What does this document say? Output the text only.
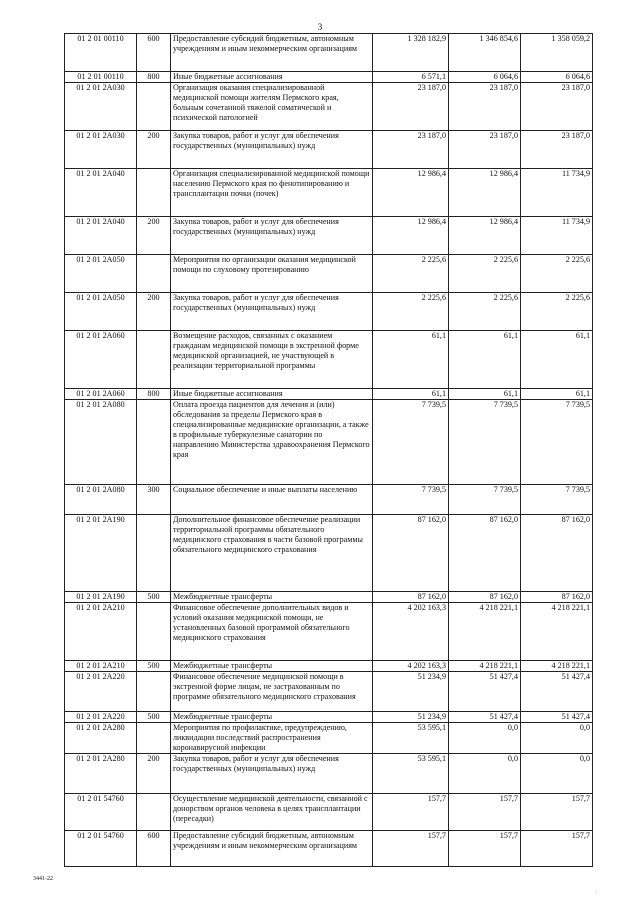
3
01 2 01 00110	600	Предоставление субсидий бюджетным, автономным учреждениям и иным некоммерческим организациям	1 328 182,9	1 346 854,6	1 358 059,2
01 2 01 00110	800	Иные бюджетные ассигнования	6 571,1	6 064,6	6 064,6
01 2 01 2А030		Организация оказания специализированной медицинской помощи жителям Пермского края, больным сочетанной тяжелой соматической и психической патологией	23 187,0	23 187,0	23 187,0
01 2 01 2А030	200	Закупка товаров, работ и услуг для обеспечения государственных (муниципальных) нужд	23 187,0	23 187,0	23 187,0
01 2 01 2А040		Организация специализированной медицинской помощи населению Пермского края по фенотипированию и трансплантации почки (почек)	12 986,4	12 986,4	11 734,9
01 2 01 2А040	200	Закупка товаров, работ и услуг для обеспечения государственных (муниципальных) нужд	12 986,4	12 986,4	11 734,9
01 2 01 2А050		Мероприятия по организации оказания медицинской помощи по слуховому протезированию	2 225,6	2 225,6	2 225,6
01 2 01 2А050	200	Закупка товаров, работ и услуг для обеспечения государственных (муниципальных) нужд	2 225,6	2 225,6	2 225,6
01 2 01 2А060		Возмещение расходов, связанных с оказанием гражданам медицинской помощи в экстренной форме медицинской организацией, не участвующей в реализации территориальной программы	61,1	61,1	61,1
01 2 01 2А060	800	Иные бюджетные ассигнования	61,1	61,1	61,1
01 2 01 2А080		Оплата проезда пациентов для лечения и (или) обследования за пределы Пермского края в специализированные медицинские организации, а также в профильные туберкулезные санатории по направлению Министерства здравоохранения Пермского края	7 739,5	7 739,5	7 739,5
01 2 01 2А080	300	Социальное обеспечение и иные выплаты населению	7 739,5	7 739,5	7 739,5
01 2 01 2А190		Дополнительное финансовое обеспечение реализации территориальной программы обязательного медицинского страхования в части базовой программы обязательного медицинского страхования	87 162,0	87 162,0	87 162,0
01 2 01 2А190	500	Межбюджетные трансферты	87 162,0	87 162,0	87 162,0
01 2 01 2А210		Финансовое обеспечение дополнительных видов и условий оказания медицинской помощи, не установленных базовой программой обязательного медицинского страхования	4 202 163,3	4 218 221,1	4 218 221,1
01 2 01 2А210	500	Межбюджетные трансферты	4 202 163,3	4 218 221,1	4 218 221,1
01 2 01 2А220		Финансовое обеспечение медицинской помощи в экстренной форме лицам, не застрахованным по программе обязательного медицинского страхования	51 234,9	51 427,4	51 427,4
01 2 01 2А220	500	Межбюджетные трансферты	51 234,9	51 427,4	51 427,4
01 2 01 2А280		Мероприятия по профилактике, предупреждению, ликвидации последствий распространения коронавирусной инфекции	53 595,1	0,0	0,0
01 2 01 2А280	200	Закупка товаров, работ и услуг для обеспечения государственных (муниципальных) нужд	53 595,1	0,0	0,0
01 2 01 54760		Осуществление медицинской деятельности, связанной с донорством органов человека в целях трансплантации (пересадки)	157,7	157,7	157,7
01 2 01 54760	600	Предоставление субсидий бюджетным, автономным учреждениям и иным некоммерческим организациям	157,7	157,7	157,7
3441-22
.
